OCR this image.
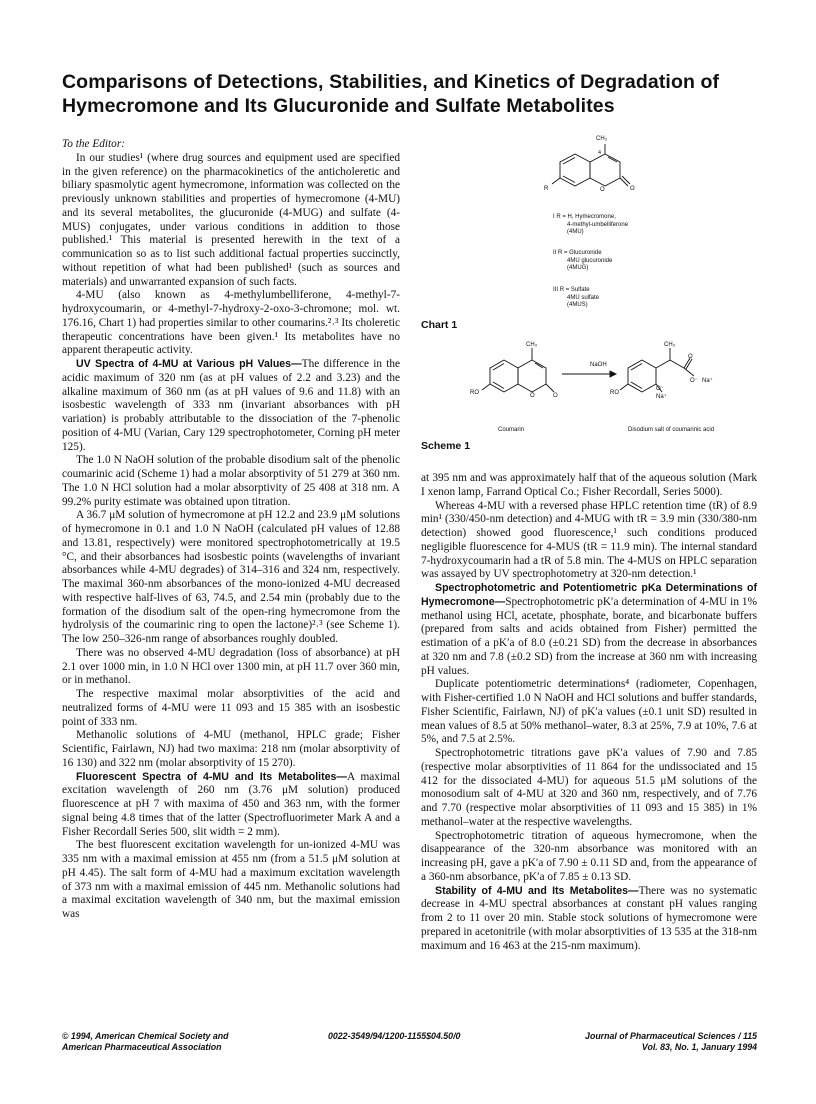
Comparisons of Detections, Stabilities, and Kinetics of Degradation of Hymecromone and Its Glucuronide and Sulfate Metabolites

To the Editor:

In our studies¹ (where drug sources and equipment used are specified in the given reference) on the pharmacokinetics of the anticholeretic and biliary spasmolytic agent hymecromone, information was collected on the previously unknown stabilities and properties of hymecromone (4-MU) and its several metabolites, the glucuronide (4-MUG) and sulfate (4-MUS) conjugates, under various conditions in addition to those published.¹ This material is presented herewith in the text of a communication so as to list such additional factual properties succinctly, without repetition of what had been published¹ (such as sources and materials) and unwarranted expansion of such facts.

4-MU (also known as 4-methylumbelliferone, 4-methyl-7-hydroxycoumarin, or 4-methyl-7-hydroxy-2-oxo-3-chromone; mol. wt. 176.16, Chart 1) had properties similar to other coumarins.²˒³ Its choleretic therapeutic concentrations have been given.¹ Its metabolites have no apparent therapeutic activity.

UV Spectra of 4-MU at Various pH Values—The difference in the acidic maximum of 320 nm (as at pH values of 2.2 and 3.23) and the alkaline maximum of 360 nm (as at pH values of 9.6 and 11.8) with an isosbestic wavelength of 333 nm (invariant absorbances with pH variation) is probably attributable to the dissociation of the 7-phenolic position of 4-MU (Varian, Cary 129 spectrophotometer, Corning pH meter 125).

The 1.0 N NaOH solution of the probable disodium salt of the phenolic coumarinic acid (Scheme 1) had a molar absorptivity of 51 279 at 360 nm. The 1.0 N HCl solution had a molar absorptivity of 25 408 at 318 nm. A 99.2% purity estimate was obtained upon titration.

A 36.7 μM solution of hymecromone at pH 12.2 and 23.9 μM solutions of hymecromone in 0.1 and 1.0 N NaOH (calculated pH values of 12.88 and 13.81, respectively) were monitored spectrophotometrically at 19.5 °C, and their absorbances had isosbestic points (wavelengths of invariant absorbances while 4-MU degrades) of 314–316 and 324 nm, respectively. The maximal 360-nm absorbances of the mono-ionized 4-MU decreased with respective half-lives of 63, 74.5, and 2.54 min (probably due to the formation of the disodium salt of the open-ring hymecromone from the hydrolysis of the coumarinic ring to open the lactone)²˒³ (see Scheme 1). The low 250–326-nm range of absorbances roughly doubled.

There was no observed 4-MU degradation (loss of absorbance) at pH 2.1 over 1000 min, in 1.0 N HCl over 1300 min, at pH 11.7 over 360 min, or in methanol.

The respective maximal molar absorptivities of the acid and neutralized forms of 4-MU were 11 093 and 15 385 with an isosbestic point of 333 nm.

Methanolic solutions of 4-MU (methanol, HPLC grade; Fisher Scientific, Fairlawn, NJ) had two maxima: 218 nm (molar absorptivity of 16 130) and 322 nm (molar absorptivity of 15 270).

Fluorescent Spectra of 4-MU and Its Metabolites—A maximal excitation wavelength of 260 nm (3.76 μM solution) produced fluorescence at pH 7 with maxima of 450 and 363 nm, with the former signal being 4.8 times that of the latter (Spectrofluorimeter Mark A and a Fisher Recordall Series 500, slit width = 2 mm).

The best fluorescent excitation wavelength for un-ionized 4-MU was 335 nm with a maximal emission at 455 nm (from a 51.5 μM solution at pH 4.45). The salt form of 4-MU had a maximum excitation wavelength of 373 nm with a maximal emission of 445 nm. Methanolic solutions had a maximal excitation wavelength of 340 nm, but the maximal emission was

CH₃
4
R	O	O
I R = H, Hymecromone,
4-methyl-umbelliferone
(4MU)
II R = Glucuronide
4MU glucuronide
(4MUG)
III R = Sulfate
4MU sulfate
(4MUS)
Chart 1
CH₃	CH₃
NaOH
RO	O	O	RO
O⁻
Na⁺
O
O⁻ Na⁺
Coumarin	Disodium salt of coumarinic acid
Scheme 1

at 395 nm and was approximately half that of the aqueous solution (Mark I xenon lamp, Farrand Optical Co.; Fisher Recordall, Series 5000).

Whereas 4-MU with a reversed phase HPLC retention time (tR) of 8.9 min¹ (330/450-nm detection) and 4-MUG with tR = 3.9 min (330/380-nm detection) showed good fluorescence,¹ such conditions produced negligible fluorescence for 4-MUS (tR = 11.9 min). The internal standard 7-hydroxycoumarin had a tR of 5.8 min. The 4-MUS on HPLC separation was assayed by UV spectrophotometry at 320-nm detection.¹

Spectrophotometric and Potentiometric pKa Determinations of Hymecromone—Spectrophotometric pK′a determination of 4-MU in 1% methanol using HCl, acetate, phosphate, borate, and bicarbonate buffers (prepared from salts and acids obtained from Fisher) permitted the estimation of a pK′a of 8.0 (±0.21 SD) from the decrease in absorbances at 320 nm and 7.8 (±0.2 SD) from the increase at 360 nm with increasing pH values.

Duplicate potentiometric determinations⁴ (radiometer, Copenhagen, with Fisher-certified 1.0 N NaOH and HCl solutions and buffer standards, Fisher Scientific, Fairlawn, NJ) of pK′a values (±0.1 unit SD) resulted in mean values of 8.5 at 50% methanol–water, 8.3 at 25%, 7.9 at 10%, 7.6 at 5%, and 7.5 at 2.5%.

Spectrophotometric titrations gave pK′a values of 7.90 and 7.85 (respective molar absorptivities of 11 864 for the undissociated and 15 412 for the dissociated 4-MU) for aqueous 51.5 μM solutions of the monosodium salt of 4-MU at 320 and 360 nm, respectively, and of 7.76 and 7.70 (respective molar absorptivities of 11 093 and 15 385) in 1% methanol–water at the respective wavelengths.

Spectrophotometric titration of aqueous hymecromone, when the disappearance of the 320-nm absorbance was monitored with an increasing pH, gave a pK′a of 7.90 ± 0.11 SD and, from the appearance of a 360-nm absorbance, pK′a of 7.85 ± 0.13 SD.

Stability of 4-MU and Its Metabolites—There was no systematic decrease in 4-MU spectral absorbances at constant pH values ranging from 2 to 11 over 20 min. Stable stock solutions of hymecromone were prepared in acetonitrile (with molar absorptivities of 13 535 at the 318-nm maximum and 16 463 at the 215-nm maximum).

© 1994, American Chemical Society and
American Pharmaceutical Association
0022-3549/94/1200-1155$04.50/0	Journal of Pharmaceutical Sciences / 115
Vol. 83, No. 1, January 1994
